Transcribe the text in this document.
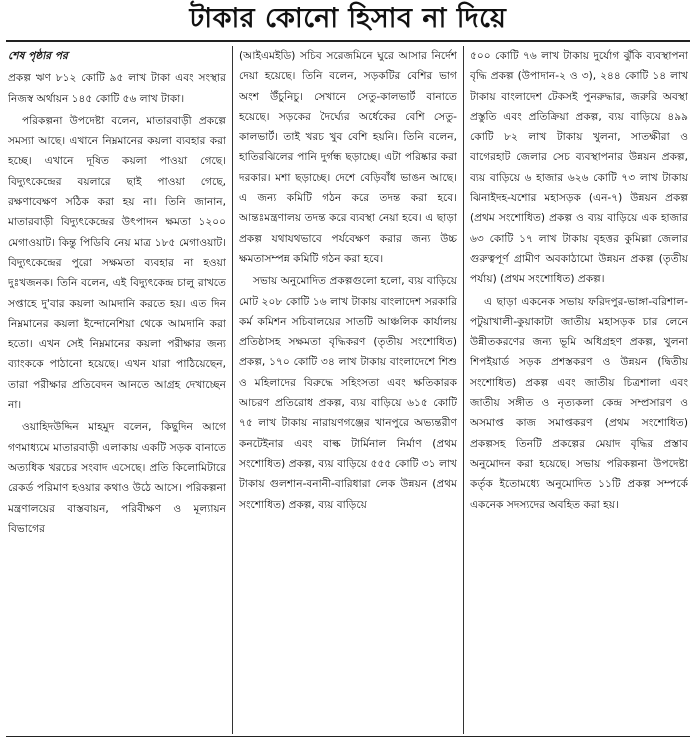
টাকার কোনো হিসাব না দিয়ে

শেষ পৃষ্ঠার পর

প্রকল্প ঋণ ৮১২ কোটি ৯৫ লাখ টাকা এবং সংস্থার নিজস্ব অর্থায়ন ১৪৫ কোটি ৫৬ লাখ টাকা।

পরিকল্পনা উপদেষ্টা বলেন, মাতারবাড়ী প্রকল্পে সমস্যা আছে। এখানে নিম্নমানের কয়লা ব্যবহার করা হচ্ছে। এখানে দূষিত কয়লা পাওয়া গেছে। বিদ্যুৎকেন্দ্রের বয়লারে ছাই পাওয়া গেছে, রক্ষণাবেক্ষণ সঠিক করা হয় না। তিনি জানান, মাতারবাড়ী বিদ্যুৎকেন্দ্রের উৎপাদন ক্ষমতা ১২০০ মেগাওয়াট। কিন্তু পিডিবি নেয় মাত্র ১৮৫ মেগাওয়াট। বিদ্যুৎকেন্দ্রের পুরো সক্ষমতা ব্যবহার না হওয়া দুঃখজনক। তিনি বলেন, এই বিদ্যুৎকেন্দ্র চালু রাখতে সপ্তাহে দু'বার কয়লা আমদানি করতে হয়। এত দিন নিম্নমানের কয়লা ইন্দোনেশিয়া থেকে আমদানি করা হতো। এখন সেই নিম্নমানের কয়লা পরীক্ষার জন্য ব্যাংককে পাঠানো হয়েছে। এখন যারা পাঠিয়েছেন, তারা পরীক্ষার প্রতিবেদন আনতে আগ্রহ দেখাচ্ছেন না।

ওয়াহিদউদ্দিন মাহমুদ বলেন, কিছুদিন আগে গণমাধ্যমে মাতারবাড়ী এলাকায় একটি সড়ক বানাতে অত্যধিক খরচের সংবাদ এসেছে। প্রতি কিলোমিটারে রেকর্ড পরিমাণ হওয়ার কথাও উঠে আসে। পরিকল্পনা মন্ত্রণালয়ের বাস্তবায়ন, পরিবীক্ষণ ও মূল্যায়ন বিভাগের

(আইএমইডি) সচিব সরেজমিনে ঘুরে আসার নির্দেশ দেয়া হয়েছে। তিনি বলেন, সড়কটির বেশির ভাগ অংশ উঁচুনিচু। সেখানে সেতু-কালভার্ট বানাতে হয়েছে। সড়কের দৈর্ঘ্যের অর্ধেকের বেশি সেতু-কালভার্ট। তাই খরচ খুব বেশি হয়নি। তিনি বলেন, হাতিরঝিলের পানি দুর্গন্ধ ছড়াচ্ছে। এটা পরিষ্কার করা দরকার। মশা ছড়াচ্ছে। দেশে বেড়িবাঁধ ভাঙন আছে। এ জন্য কমিটি গঠন করে তদন্ত করা হবে। আন্তঃমন্ত্রণালয় তদন্ত করে ব্যবস্থা নেয়া হবে। এ ছাড়া প্রকল্প যথাযথভাবে পর্যবেক্ষণ করার জন্য উচ্চ ক্ষমতাসম্পন্ন কমিটি গঠন করা হবে।

সভায় অনুমোদিত প্রকল্পগুলো হলো, ব্যয় বাড়িয়ে মোট ২০৮ কোটি ১৬ লাখ টাকায় বাংলাদেশ সরকারি কর্ম কমিশন সচিবালয়ের সাতটি আঞ্চলিক কার্যালয় প্রতিষ্ঠাসহ সক্ষমতা বৃদ্ধিকরণ (তৃতীয় সংশোধিত) প্রকল্প, ১৭০ কোটি ৩৪ লাখ টাকায় বাংলাদেশে শিশু ও মহিলাদের বিরুদ্ধে সহিংসতা এবং ক্ষতিকারক আচরণ প্রতিরোধ প্রকল্প, ব্যয় বাড়িয়ে ৬১৫ কোটি ৭৫ লাখ টাকায় নারায়ণগঞ্জের খানপুরে অভ্যন্তরীণ কনটেইনার এবং বাল্ক টার্মিনাল নির্মাণ (প্রথম সংশোধিত) প্রকল্প, ব্যয় বাড়িয়ে ৫৫৫ কোটি ৩১ লাখ টাকায় গুলশান-বনানী-বারিধারা লেক উন্নয়ন (প্রথম সংশোধিত) প্রকল্প, ব্যয় বাড়িয়ে

৫০০ কোটি ৭৬ লাখ টাকায় দুর্যোগ ঝুঁকি ব্যবস্থাপনা বৃদ্ধি প্রকল্প (উপাদান-২ ও ৩), ২৪৪ কোটি ১৪ লাখ টাকায় বাংলাদেশ টেকসই পুনরুদ্ধার, জরুরি অবস্থা প্রস্তুতি এবং প্রতিক্রিয়া প্রকল্প, ব্যয় বাড়িয়ে ৪৯৯ কোটি ৮২ লাখ টাকায় খুলনা, সাতক্ষীরা ও বাগেরহাট জেলার সেচ ব্যবস্থাপনার উন্নয়ন প্রকল্প, ব্যয় বাড়িয়ে ৬ হাজার ৬২৬ কোটি ৭৩ লাখ টাকায় ঝিনাইদহ-যশোর মহাসড়ক (এন-৭) উন্নয়ন প্রকল্প (প্রথম সংশোধিত) প্রকল্প ও ব্যয় বাড়িয়ে এক হাজার ৬৩ কোটি ১৭ লাখ টাকায় বৃহত্তর কুমিল্লা জেলার গুরুত্বপূর্ণ গ্রামীণ অবকাঠামো উন্নয়ন প্রকল্প (তৃতীয় পর্যায়) (প্রথম সংশোধিত) প্রকল্প।

এ ছাড়া একনেক সভায় ফরিদপুর-ভাঙ্গা-বরিশাল-পটুয়াখালী-কুয়াকাটা জাতীয় মহাসড়ক চার লেনে উন্নীতকরণের জন্য ভূমি অধিগ্রহণ প্রকল্প, খুলনা শিপইয়ার্ড সড়ক প্রশস্তকরণ ও উন্নয়ন (দ্বিতীয় সংশোধিত) প্রকল্প এবং জাতীয় চিত্রশালা এবং জাতীয় সঙ্গীত ও নৃত্যকলা কেন্দ্র সম্প্রসারণ ও অসমাপ্ত কাজ সমাপ্তকরণ (প্রথম সংশোধিত) প্রকল্পসহ তিনটি প্রকল্পের মেয়াদ বৃদ্ধির প্রস্তাব অনুমোদন করা হয়েছে। সভায় পরিকল্পনা উপদেষ্টা কর্তৃক ইতোমধ্যে অনুমোদিত ১১টি প্রকল্প সম্পর্কে একনেক সদস্যদের অবহিত করা হয়।
